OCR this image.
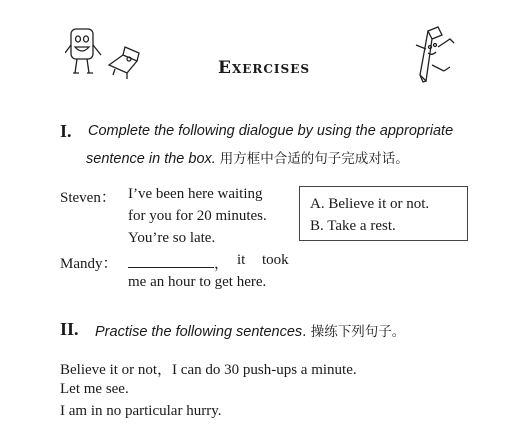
Exercises
I. Complete the following dialogue by using the appropriate
sentence in the box. 用方框中合适的句子完成对话。
Steven： I’ve been here waiting
for you for 20 minutes.
You’re so late.
Mandy：	， it took
me an hour to get here.
A. Believe it or not.
B. Take a rest.
II. Practise the following sentences. 操练下列句子。
Believe it or not，I can do 30 push-ups a minute.
Let me see.
I am in no particular hurry.
